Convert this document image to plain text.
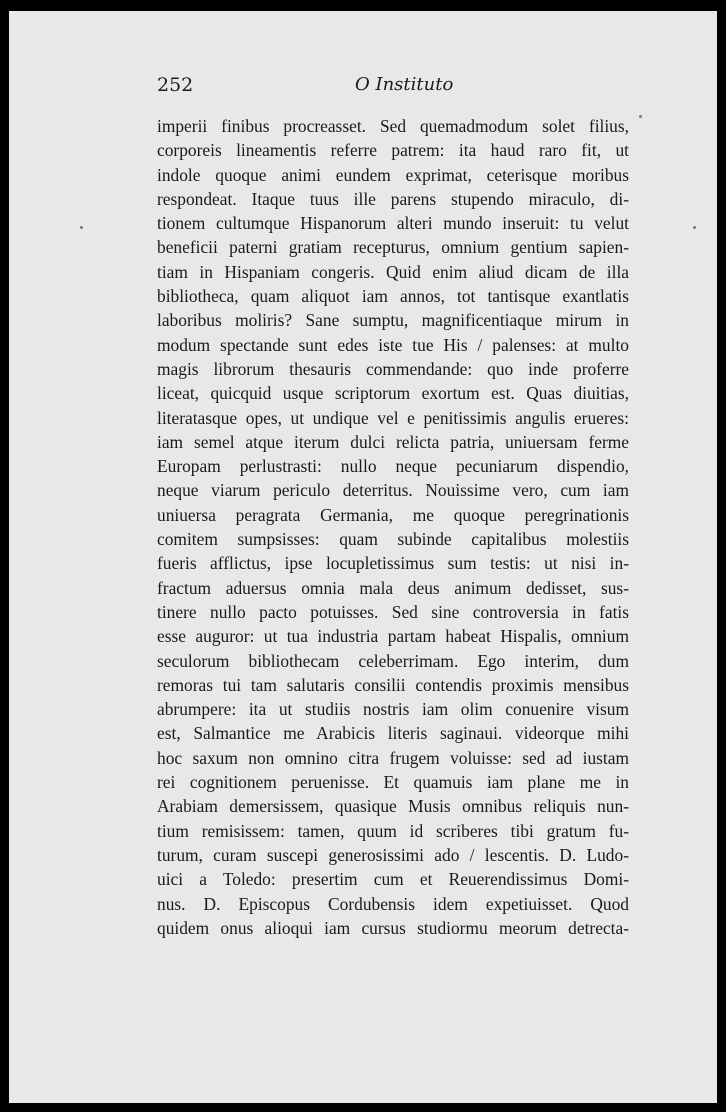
252	O Instituto
imperii finibus procreasset. Sed quemadmodum solet filius,
corporeis lineamentis referre patrem: ita haud raro fit, ut
indole quoque animi eundem exprimat, ceterisque moribus
respondeat. Itaque tuus ille parens stupendo miraculo, di-
tionem cultumque Hispanorum alteri mundo inseruit: tu velut
beneficii paterni gratiam recepturus, omnium gentium sapien-
tiam in Hispaniam congeris. Quid enim aliud dicam de illa
bibliotheca, quam aliquot iam annos, tot tantisque exantlatis
laboribus moliris? Sane sumptu, magnificentiaque mirum in
modum spectande sunt edes iste tue His / palenses: at multo
magis librorum thesauris commendande: quo inde proferre
liceat, quicquid usque scriptorum exortum est. Quas diuitias,
literatasque opes, ut undique vel e penitissimis angulis erueres:
iam semel atque iterum dulci relicta patria, uniuersam ferme
Europam perlustrasti: nullo neque pecuniarum dispendio,
neque viarum periculo deterritus. Nouissime vero, cum iam
uniuersa peragrata Germania, me quoque peregrinationis
comitem sumpsisses: quam subinde capitalibus molestiis
fueris afflictus, ipse locupletissimus sum testis: ut nisi in-
fractum aduersus omnia mala deus animum dedisset, sus-
tinere nullo pacto potuisses. Sed sine controversia in fatis
esse auguror: ut tua industria partam habeat Hispalis, omnium
seculorum bibliothecam celeberrimam. Ego interim, dum
remoras tui tam salutaris consilii contendis proximis mensibus
abrumpere: ita ut studiis nostris iam olim conuenire visum
est, Salmantice me Arabicis literis saginaui. videorque mihi
hoc saxum non omnino citra frugem voluisse: sed ad iustam
rei cognitionem peruenisse. Et quamuis iam plane me in
Arabiam demersissem, quasique Musis omnibus reliquis nun-
tium remisissem: tamen, quum id scriberes tibi gratum fu-
turum, curam suscepi generosissimi ado / lescentis. D. Ludo-
uici a Toledo: presertim cum et Reuerendissimus Domi-
nus. D. Episcopus Cordubensis idem expetiuisset. Quod
quidem onus alioqui iam cursus studiormu meorum detrecta-
